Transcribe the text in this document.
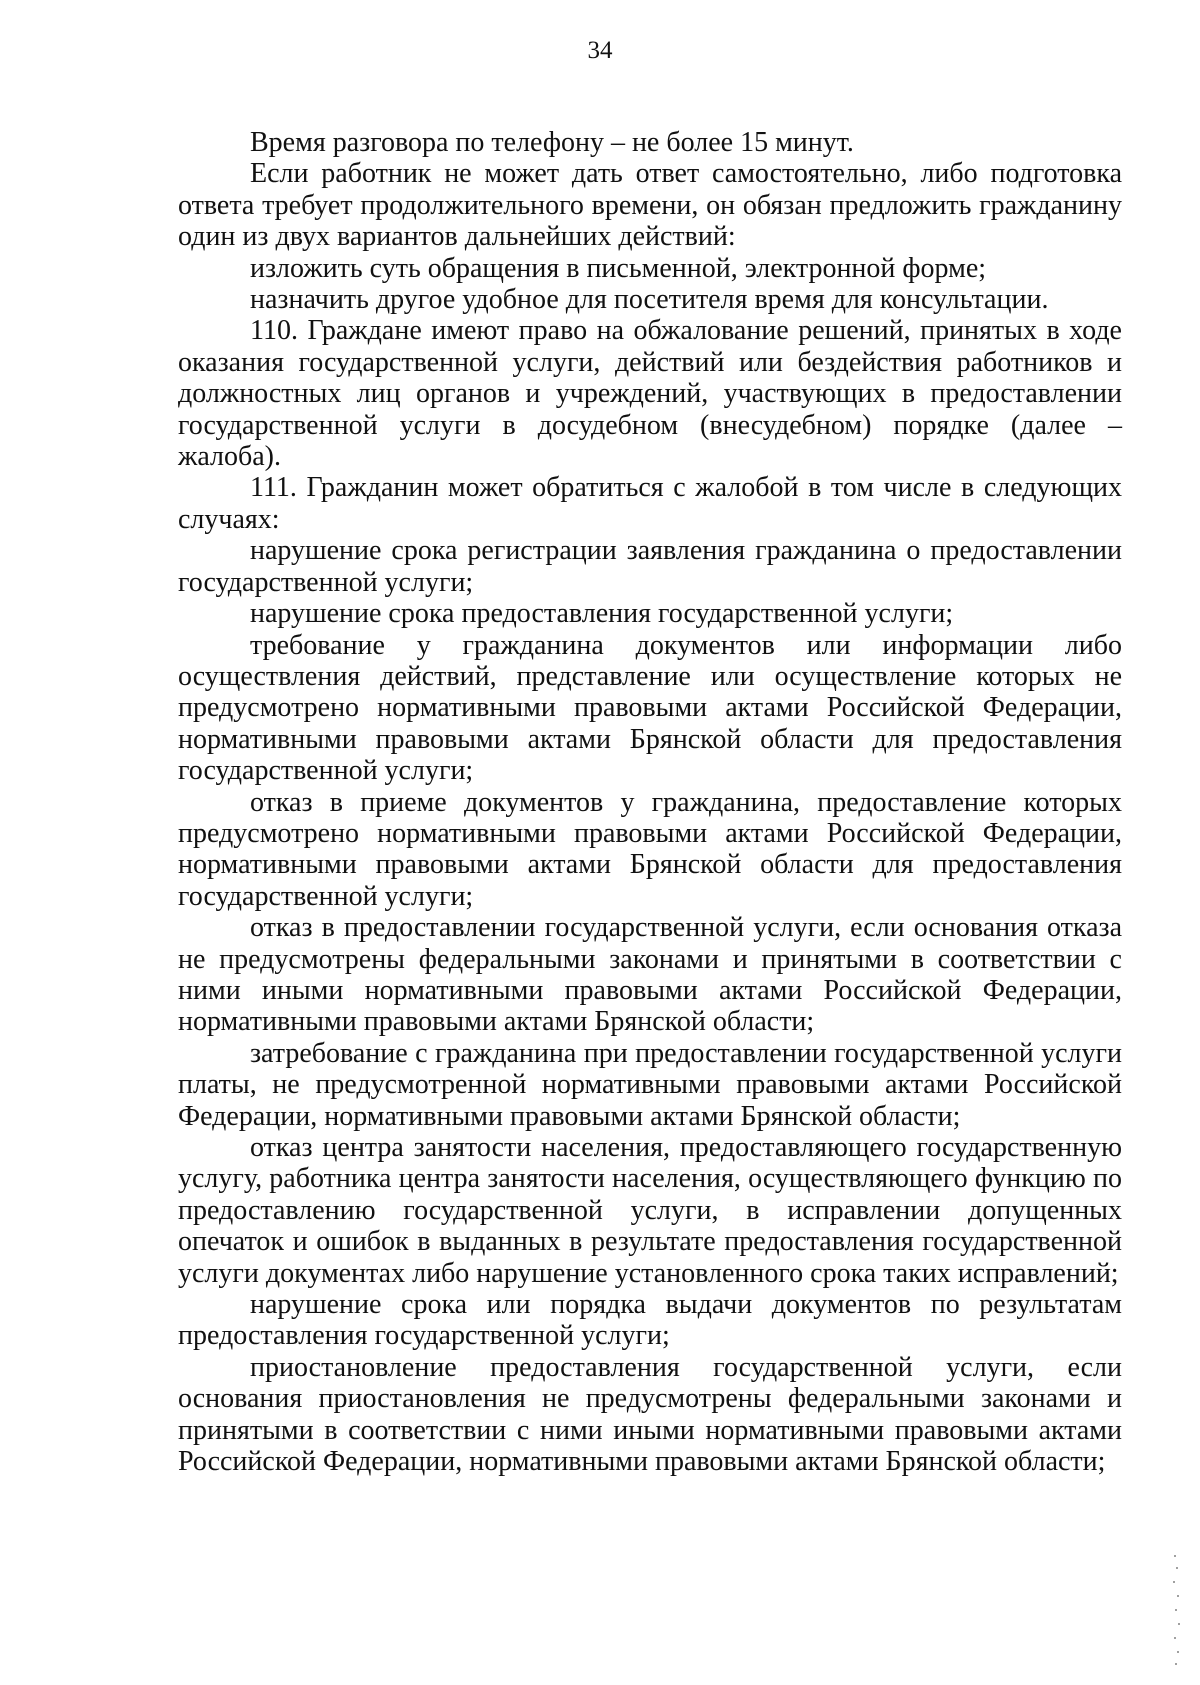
34

Время разговора по телефону – не более 15 минут.

Если работник не может дать ответ самостоятельно, либо подготовка ответа требует продолжительного времени, он обязан предложить гражданину один из двух вариантов дальнейших действий:

изложить суть обращения в письменной, электронной форме;

назначить другое удобное для посетителя время для консультации.

110. Граждане имеют право на обжалование решений, принятых в ходе оказания государственной услуги, действий или бездействия работников и должностных лиц органов и учреждений, участвующих в предоставлении государственной услуги в досудебном (внесудебном) порядке (далее – жалоба).

111. Гражданин может обратиться с жалобой в том числе в следующих случаях:

нарушение срока регистрации заявления гражданина о предоставлении государственной услуги;

нарушение срока предоставления государственной услуги;

требование у гражданина документов или информации либо осуществления действий, представление или осуществление которых не предусмотрено нормативными правовыми актами Российской Федерации, нормативными правовыми актами Брянской области для предоставления государственной услуги;

отказ в приеме документов у гражданина, предоставление которых предусмотрено нормативными правовыми актами Российской Федерации, нормативными правовыми актами Брянской области для предоставления государственной услуги;

отказ в предоставлении государственной услуги, если основания отказа не предусмотрены федеральными законами и принятыми в соответствии с ними иными нормативными правовыми актами Российской Федерации, нормативными правовыми актами Брянской области;

затребование с гражданина при предоставлении государственной услуги платы, не предусмотренной нормативными правовыми актами Российской Федерации, нормативными правовыми актами Брянской области;

отказ центра занятости населения, предоставляющего государственную услугу, работника центра занятости населения, осуществляющего функцию по предоставлению государственной услуги, в исправлении допущенных опечаток и ошибок в выданных в результате предоставления государственной услуги документах либо нарушение установленного срока таких исправлений;

нарушение срока или порядка выдачи документов по результатам предоставления государственной услуги;

приостановление предоставления государственной услуги, если основания приостановления не предусмотрены федеральными законами и принятыми в соответствии с ними иными нормативными правовыми актами Российской Федерации, нормативными правовыми актами Брянской области;
